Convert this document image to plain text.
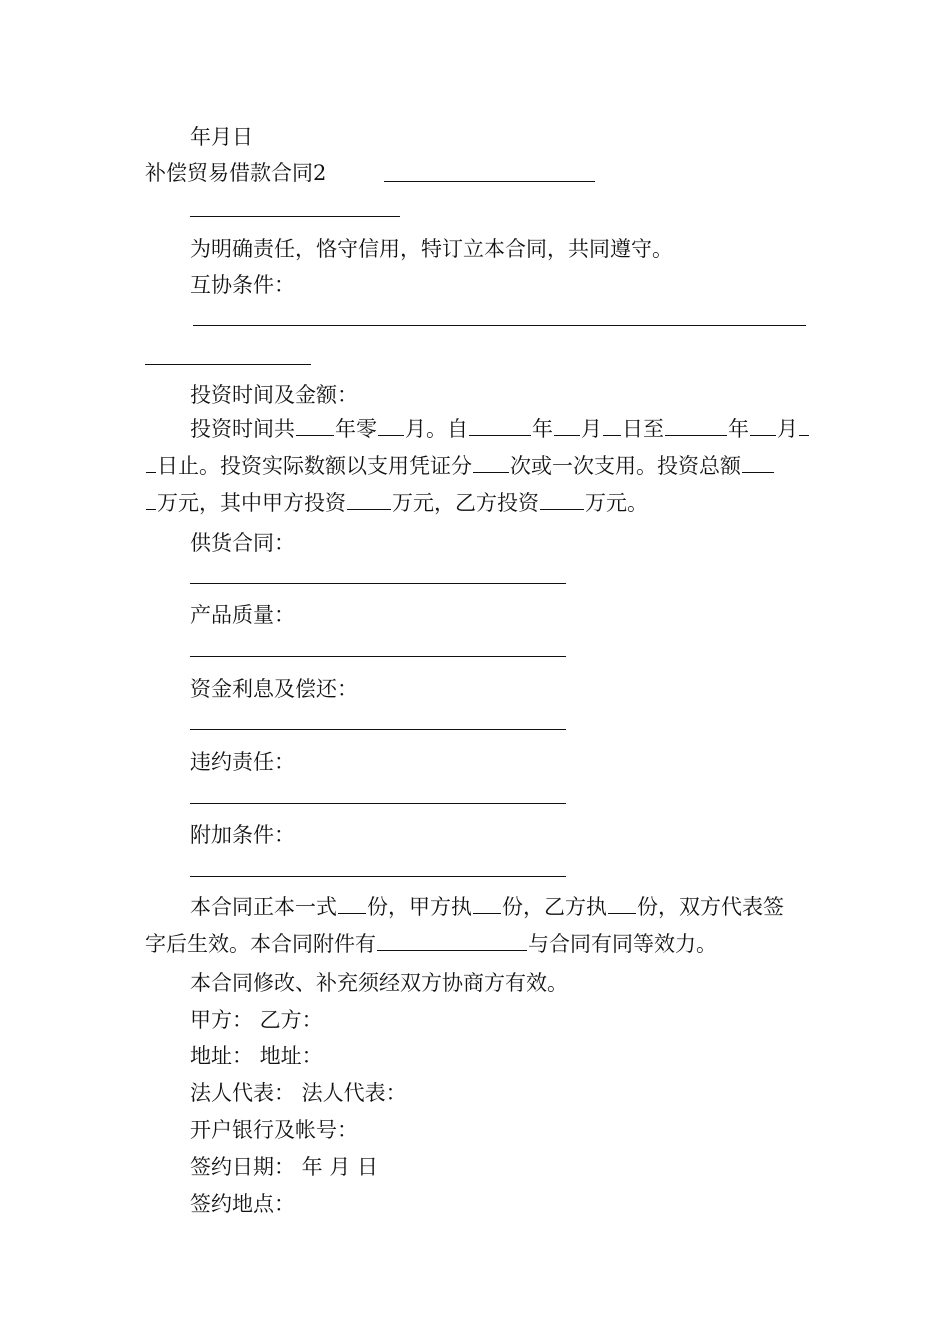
年月日
补偿贸易借款合同2
为明确责任，恪守信用，特订立本合同，共同遵守。
互协条件：
投资时间及金额：
投资时间共 年零 月。自	年 月 日至	年 月
日止。投资实际数额以支用凭证分 次或一次支用。投资总额
万元，其中甲方投资 万元，乙方投资 万元。
供货合同：
产品质量：
资金利息及偿还：
违约责任：
附加条件：
本合同正本一式 份，甲方执 份，乙方执 份，双方代表签
字后生效。本合同附件有	与合同有同等效力。
本合同修改、补充须经双方协商方有效。
甲方： 乙方：
地址： 地址：
法人代表： 法人代表：
开户银行及帐号：
签约日期： 年 月 日
签约地点：
